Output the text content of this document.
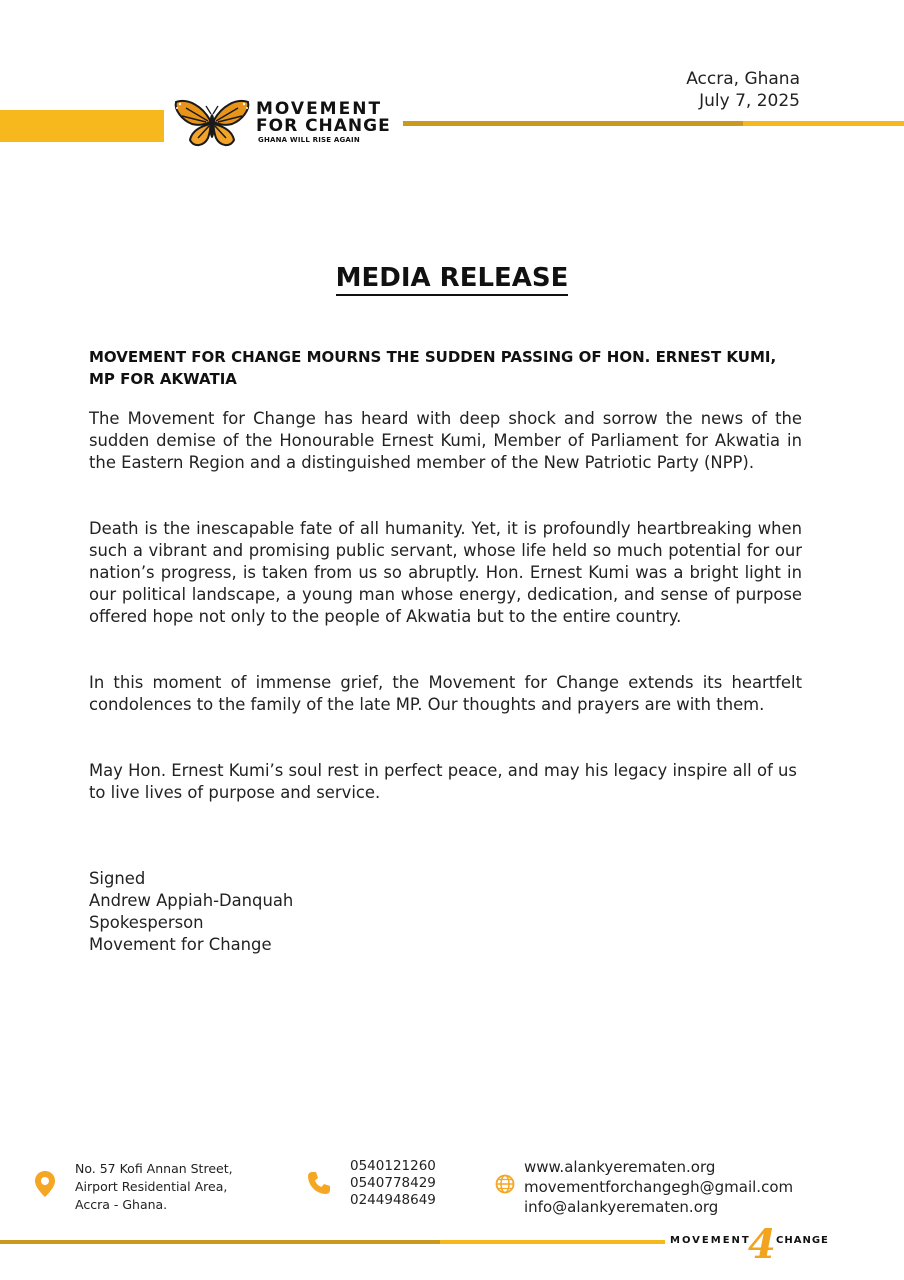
MOVEMENT
FOR CHANGE
GHANA WILL RISE AGAIN
Accra, Ghana
July 7, 2025
MEDIA RELEASE
MOVEMENT FOR CHANGE MOURNS THE SUDDEN PASSING OF HON. ERNEST KUMI, MP FOR AKWATIA

The Movement for Change has heard with deep shock and sorrow the news of the sudden demise of the Honourable Ernest Kumi, Member of Parliament for Akwatia in the Eastern Region and a distinguished member of the New Patriotic Party (NPP).

Death is the inescapable fate of all humanity. Yet, it is profoundly heartbreaking when such a vibrant and promising public servant, whose life held so much potential for our nation’s progress, is taken from us so abruptly. Hon. Ernest Kumi was a bright light in our political landscape, a young man whose energy, dedication, and sense of purpose offered hope not only to the people of Akwatia but to the entire country.

In this moment of immense grief, the Movement for Change extends its heartfelt condolences to the family of the late MP. Our thoughts and prayers are with them.

May Hon. Ernest Kumi’s soul rest in perfect peace, and may his legacy inspire all of us to live lives of purpose and service.

Signed
Andrew Appiah-Danquah
Spokesperson
Movement for Change
No. 57 Kofi Annan Street,
Airport Residential Area,
Accra - Ghana.
0540121260
0540778429
0244948649
www.alankyerematen.org
movementforchangegh@gmail.com
info@alankyerematen.org
MOVEMENT
4 CHANGE
